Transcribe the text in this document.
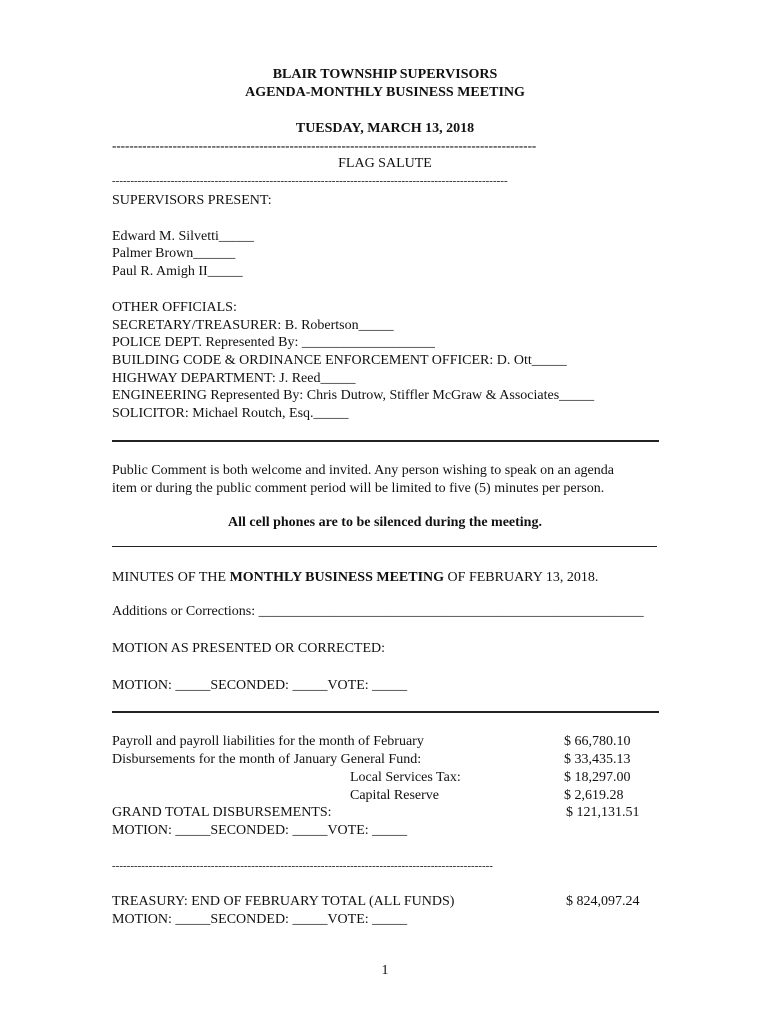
BLAIR TOWNSHIP SUPERVISORS
AGENDA-MONTHLY BUSINESS MEETING
TUESDAY, MARCH 13, 2018
--------------------------------------------------------------------------------------------------
FLAG SALUTE
------------------------------------------------------------------------------------------------------------
SUPERVISORS PRESENT:
Edward M. Silvetti_____
Palmer Brown______
Paul R. Amigh II_____
OTHER OFFICIALS:
SECRETARY/TREASURER: B. Robertson_____
POLICE DEPT. Represented By: ___________________
BUILDING CODE & ORDINANCE ENFORCEMENT OFFICER: D. Ott_____
HIGHWAY DEPARTMENT: J. Reed_____
ENGINEERING Represented By: Chris Dutrow, Stiffler McGraw & Associates_____
SOLICITOR: Michael Routch, Esq._____
Public Comment is both welcome and invited. Any person wishing to speak on an agenda
item or during the public comment period will be limited to five (5) minutes per person.
All cell phones are to be silenced during the meeting.
MINUTES OF THE MONTHLY BUSINESS MEETING OF FEBRUARY 13, 2018.
Additions or Corrections: _______________________________________________________
MOTION AS PRESENTED OR CORRECTED:
MOTION: _____SECONDED: _____VOTE: _____
Payroll and payroll liabilities for the month of February	$ 66,780.10
Disbursements for the month of January General Fund:	$ 33,435.13
Local Services Tax:	$ 18,297.00
Capital Reserve	$ 2,619.28
GRAND TOTAL DISBURSEMENTS:	$ 121,131.51
MOTION: _____SECONDED: _____VOTE: _____
--------------------------------------------------------------------------------------------------------
TREASURY: END OF FEBRUARY TOTAL (ALL FUNDS)	$ 824,097.24
MOTION: _____SECONDED: _____VOTE: _____
1
